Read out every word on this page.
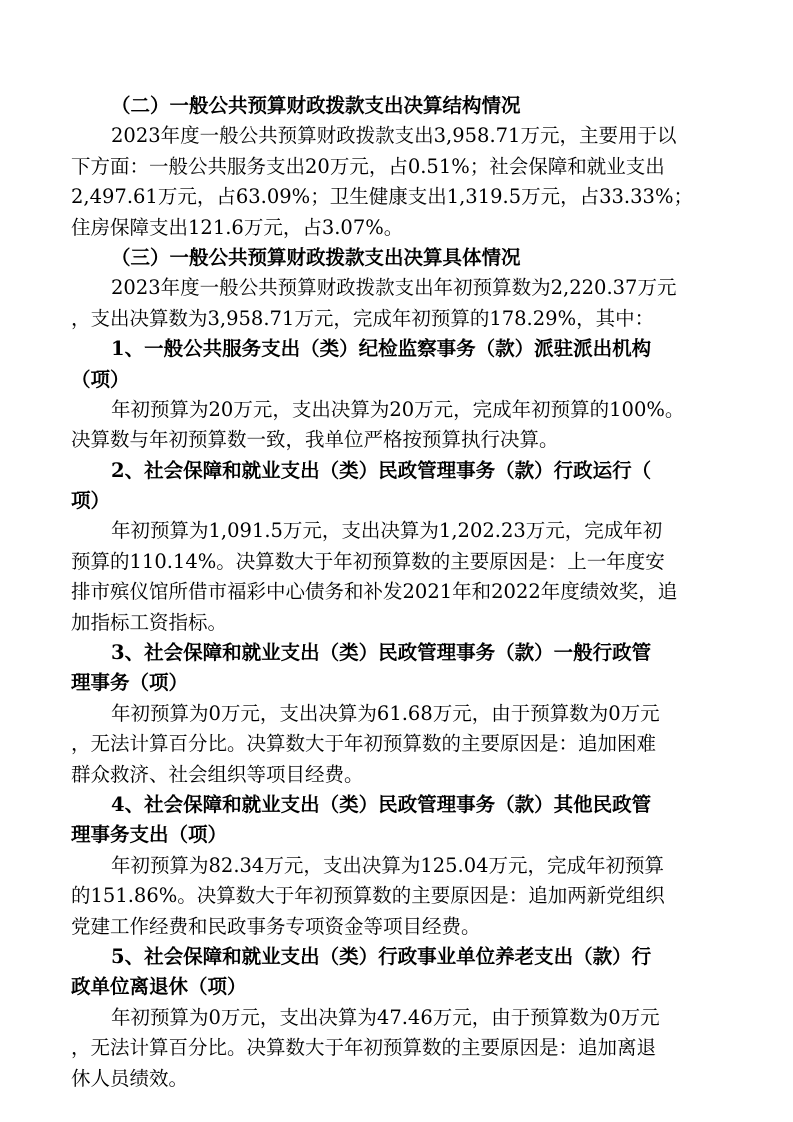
（二）一般公共预算财政拨款支出决算结构情况
2023年度一般公共预算财政拨款支出3,958.71万元，主要用于以
下方面：一般公共服务支出20万元，占0.51%；社会保障和就业支出
2,497.61万元，占63.09%；卫生健康支出1,319.5万元，占33.33%；
住房保障支出121.6万元，占3.07%。
（三）一般公共预算财政拨款支出决算具体情况
2023年度一般公共预算财政拨款支出年初预算数为2,220.37万元
，支出决算数为3,958.71万元，完成年初预算的178.29%，其中：
1、一般公共服务支出（类）纪检监察事务（款）派驻派出机构
（项）
年初预算为20万元，支出决算为20万元，完成年初预算的100%。
决算数与年初预算数一致，我单位严格按预算执行决算。
2、社会保障和就业支出（类）民政管理事务（款）行政运行（
项）
年初预算为1,091.5万元，支出决算为1,202.23万元，完成年初
预算的110.14%。决算数大于年初预算数的主要原因是：上一年度安
排市殡仪馆所借市福彩中心债务和补发2021年和2022年度绩效奖，追
加指标工资指标。
3、社会保障和就业支出（类）民政管理事务（款）一般行政管
理事务（项）
年初预算为0万元，支出决算为61.68万元，由于预算数为0万元
，无法计算百分比。决算数大于年初预算数的主要原因是：追加困难
群众救济、社会组织等项目经费。
4、社会保障和就业支出（类）民政管理事务（款）其他民政管
理事务支出（项）
年初预算为82.34万元，支出决算为125.04万元，完成年初预算
的151.86%。决算数大于年初预算数的主要原因是：追加两新党组织
党建工作经费和民政事务专项资金等项目经费。
5、社会保障和就业支出（类）行政事业单位养老支出（款）行
政单位离退休（项）
年初预算为0万元，支出决算为47.46万元，由于预算数为0万元
，无法计算百分比。决算数大于年初预算数的主要原因是：追加离退
休人员绩效。
